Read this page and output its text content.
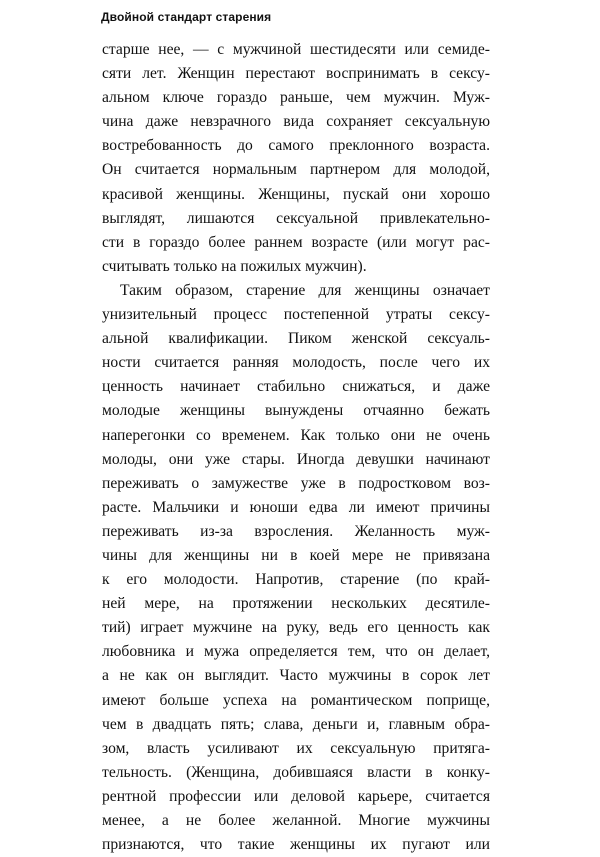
Двойной стандарт старения
старше нее, — с мужчиной шестидесяти или семиде-
сяти лет. Женщин перестают воспринимать в сексу-
альном ключе гораздо раньше, чем мужчин. Муж-
чина даже невзрачного вида сохраняет сексуальную
востребованность до самого преклонного возраста.
Он считается нормальным партнером для молодой,
красивой женщины. Женщины, пускай они хорошо
выглядят, лишаются сексуальной привлекательно-
сти в гораздо более раннем возрасте (или могут рас-
считывать только на пожилых мужчин).
Таким образом, старение для женщины означает
унизительный процесс постепенной утраты сексу-
альной квалификации. Пиком женской сексуаль-
ности считается ранняя молодость, после чего их
ценность начинает стабильно снижаться, и даже
молодые женщины вынуждены отчаянно бежать
наперегонки со временем. Как только они не очень
молоды, они уже стары. Иногда девушки начинают
переживать о замужестве уже в подростковом воз-
расте. Мальчики и юноши едва ли имеют причины
переживать из-за взросления. Желанность муж-
чины для женщины ни в коей мере не привязана
к его молодости. Напротив, старение (по край-
ней мере, на протяжении нескольких десятиле-
тий) играет мужчине на руку, ведь его ценность как
любовника и мужа определяется тем, что он делает,
а не как он выглядит. Часто мужчины в сорок лет
имеют больше успеха на романтическом поприще,
чем в двадцать пять; слава, деньги и, главным обра-
зом, власть усиливают их сексуальную притяга-
тельность. (Женщина, добившаяся власти в конку-
рентной профессии или деловой карьере, считается
менее, а не более желанной. Многие мужчины
признаются, что такие женщины их пугают или
